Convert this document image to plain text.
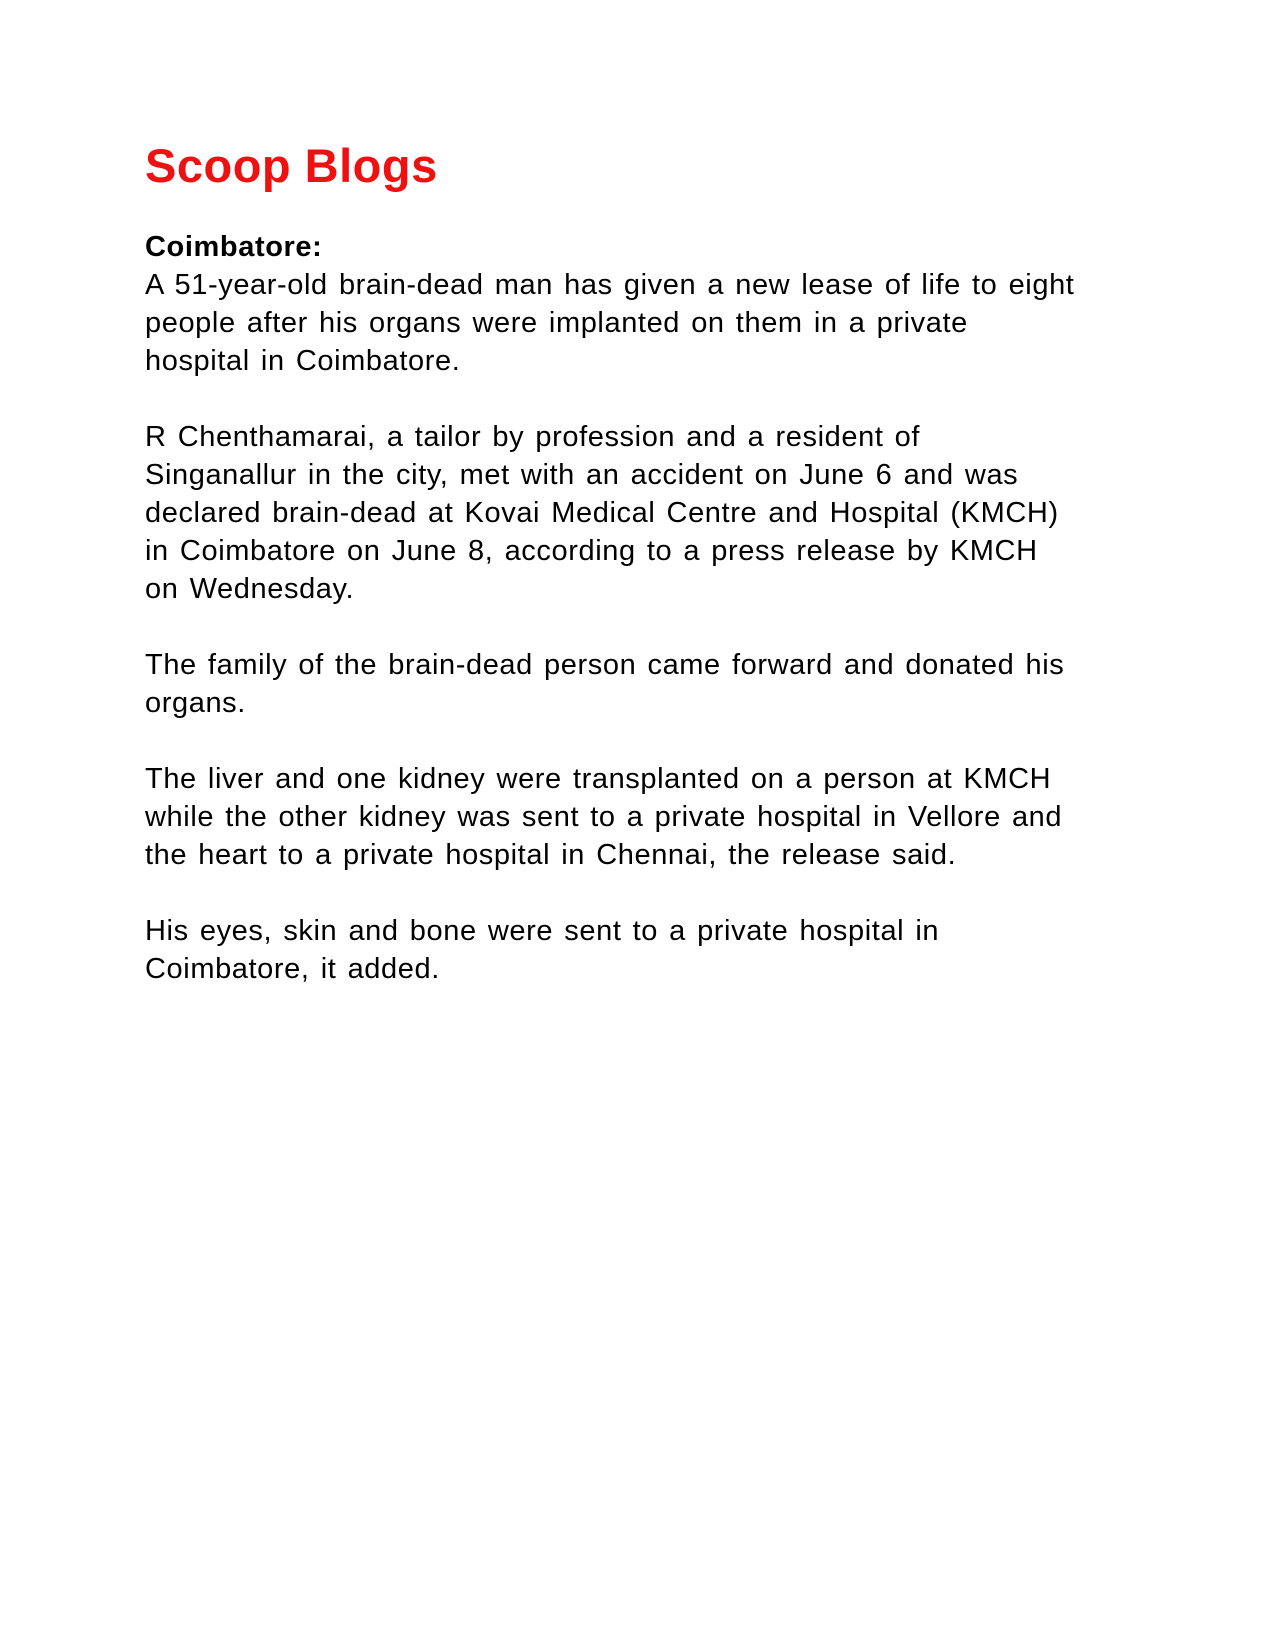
Scoop Blogs

Coimbatore:

A 51-year-old brain-dead man has given a new lease of life to eight people after his organs were implanted on them in a private hospital in Coimbatore.

R Chenthamarai, a tailor by profession and a resident of Singanallur in the city, met with an accident on June 6 and was declared brain-dead at Kovai Medical Centre and Hospital (KMCH) in Coimbatore on June 8, according to a press release by KMCH on Wednesday.

The family of the brain-dead person came forward and donated his organs.

The liver and one kidney were transplanted on a person at KMCH while the other kidney was sent to a private hospital in Vellore and the heart to a private hospital in Chennai, the release said.

His eyes, skin and bone were sent to a private hospital in Coimbatore, it added.
